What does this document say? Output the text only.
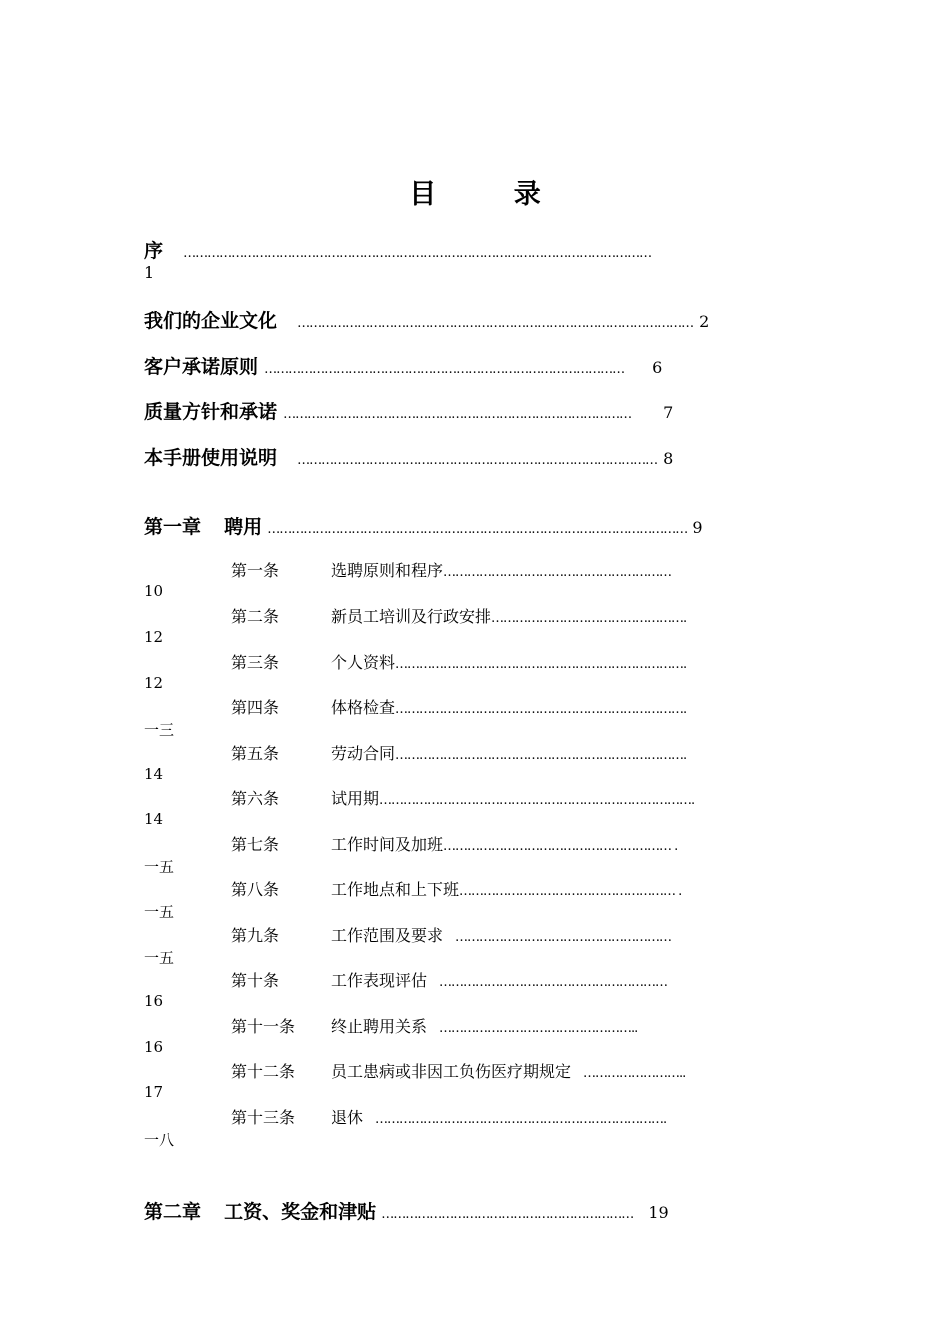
目 录
序 ………………………………………………………………………………………………………
1
我们的企业文化 ……………………………………………………………………………………… 2
客户承诺原则 ……………………………………………………………………………… 6
质量方针和承诺 …………………………………………………………………………… 7
本手册使用说明 ……………………………………………………………………………… 8
第一章 聘用 …………………………………………………………………………………………… 9
第一条	选聘原则和程序…………………………………………………
10
第二条	新员工培训及行政安排………………………………………….
12
第三条	个人资料……………………………………………………………….
12
第四条	体格检查……………………………………………………………….
一三
第五条	劳动合同……………………………………………………………….
14
第六条	试用期…………………………………………………………………….
14
第七条	工作时间及加班………………………………………………… .
一五
第八条	工作地点和上下班……………………………………………… .
一五
第九条	工作范围及要求 ………………………………………………
一五
第十条	工作表现评估 …………………………………………………
16
第十一条 终止聘用关系 …………………………………………..
16
第十二条 员工患病或非因工负伤医疗期规定 ……………………..
17
第十三条 退休 ……………………………………………………………….
一八
第二章 工资、奖金和津贴 ……………………………………………………… 19
